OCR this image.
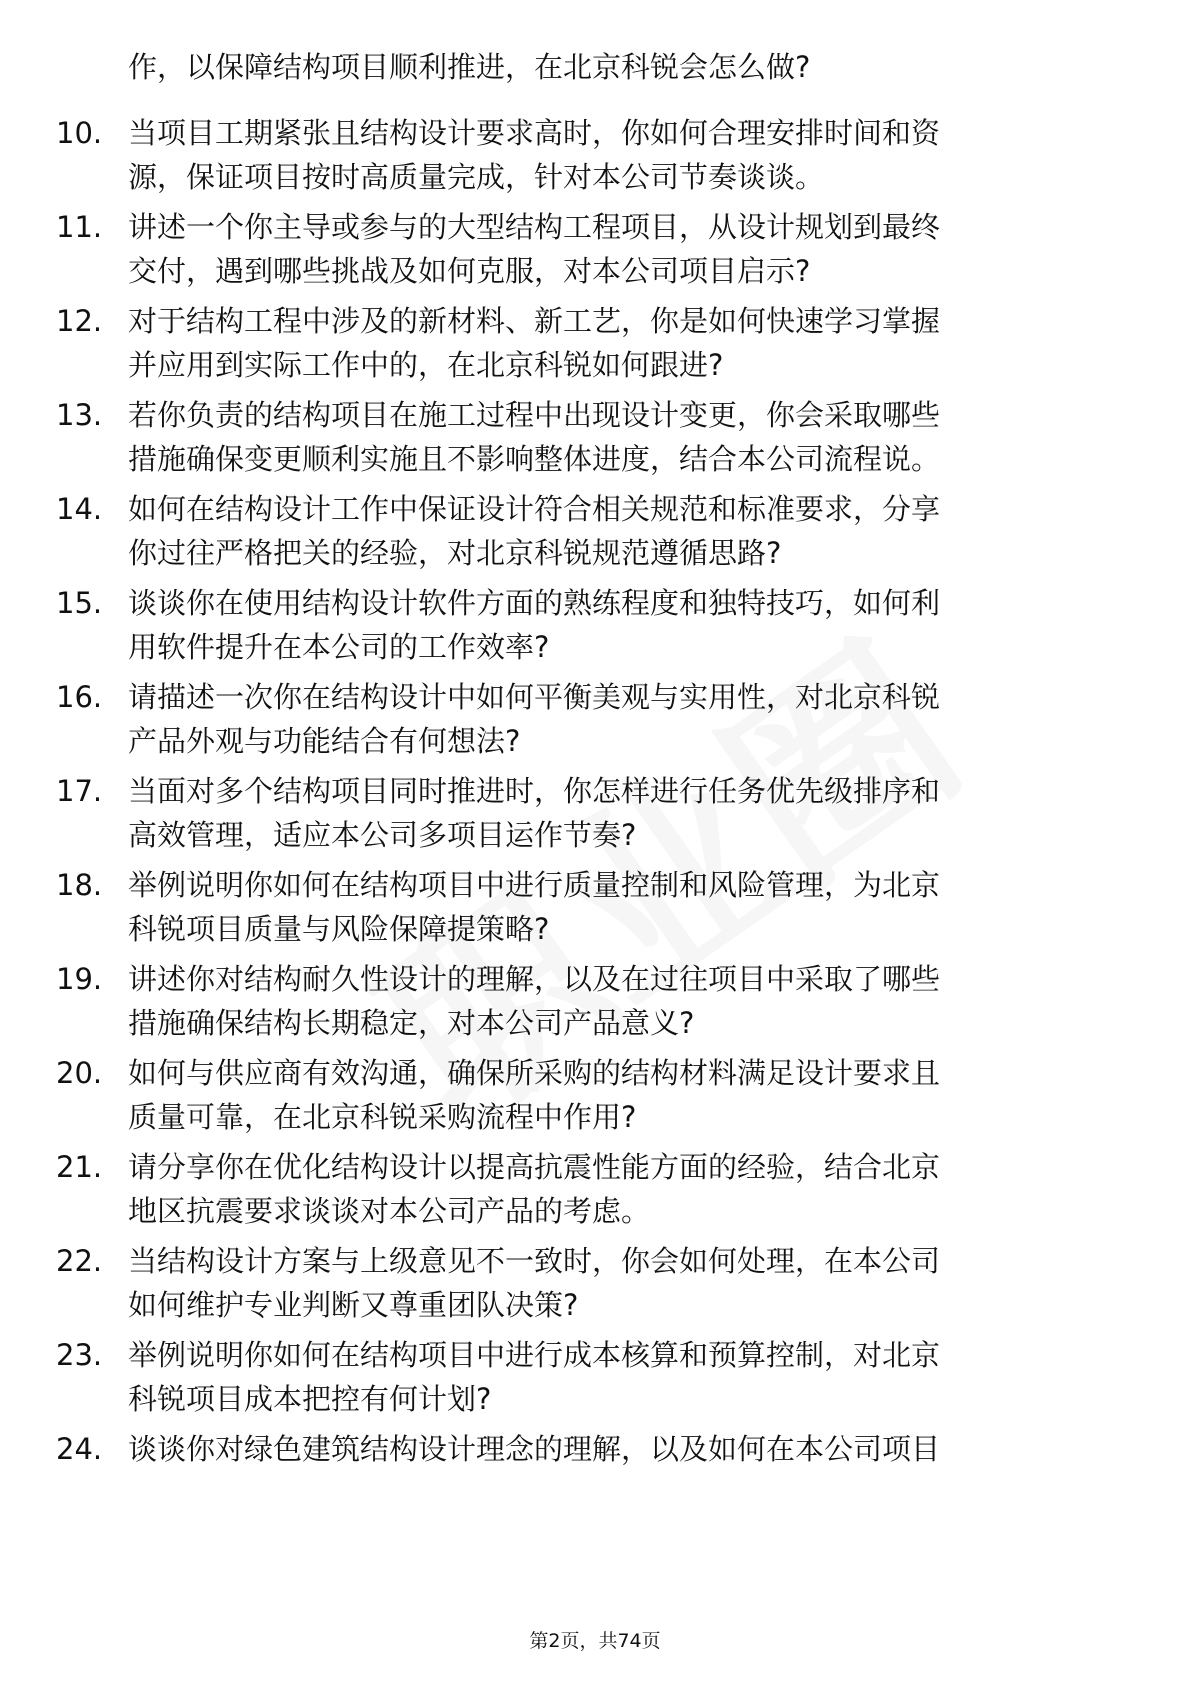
作，以保障结构项目顺利推进，在北京科锐会怎么做?
10. 当项目工期紧张且结构设计要求高时，你如何合理安排时间和资
源，保证项目按时高质量完成，针对本公司节奏谈谈。
11. 讲述一个你主导或参与的大型结构工程项目，从设计规划到最终
交付，遇到哪些挑战及如何克服，对本公司项目启示?
12. 对于结构工程中涉及的新材料、新工艺，你是如何快速学习掌握
并应用到实际工作中的，在北京科锐如何跟进?
13. 若你负责的结构项目在施工过程中出现设计变更，你会采取哪些
措施确保变更顺利实施且不影响整体进度，结合本公司流程说。
14. 如何在结构设计工作中保证设计符合相关规范和标准要求，分享
你过往严格把关的经验，对北京科锐规范遵循思路?
15. 谈谈你在使用结构设计软件方面的熟练程度和独特技巧，如何利
用软件提升在本公司的工作效率?
16. 请描述一次你在结构设计中如何平衡美观与实用性，对北京科锐
产品外观与功能结合有何想法?
17. 当面对多个结构项目同时推进时，你怎样进行任务优先级排序和
高效管理，适应本公司多项目运作节奏?
18. 举例说明你如何在结构项目中进行质量控制和风险管理，为北京
科锐项目质量与风险保障提策略?
19. 讲述你对结构耐久性设计的理解，以及在过往项目中采取了哪些
措施确保结构长期稳定，对本公司产品意义?
20. 如何与供应商有效沟通，确保所采购的结构材料满足设计要求且
质量可靠，在北京科锐采购流程中作用?
21. 请分享你在优化结构设计以提高抗震性能方面的经验，结合北京
地区抗震要求谈谈对本公司产品的考虑。
22. 当结构设计方案与上级意见不一致时，你会如何处理，在本公司
如何维护专业判断又尊重团队决策?
23. 举例说明你如何在结构项目中进行成本核算和预算控制，对北京
科锐项目成本把控有何计划?
24. 谈谈你对绿色建筑结构设计理念的理解，以及如何在本公司项目
第2页，共74页
